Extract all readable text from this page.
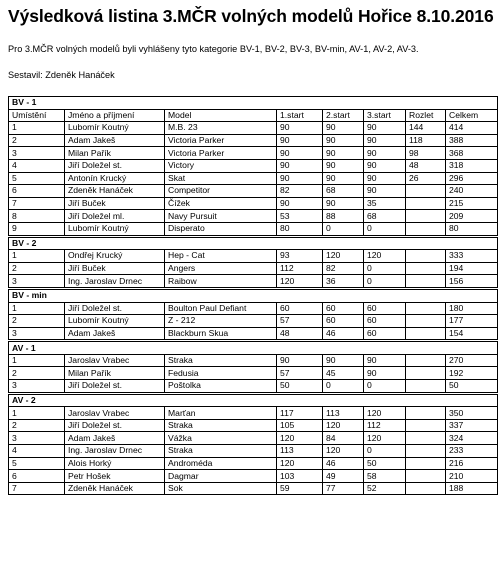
Výsledková listina 3.MČR volných modelů Hořice 8.10.2016
Pro 3.MČR volných modelů byli vyhlášeny tyto kategorie BV-1, BV-2, BV-3, BV-min, AV-1, AV-2, AV-3.
Sestavil: Zdeněk Hanáček
BV - 1							
Umístění	Jméno a příjmení	Model	1.start	2.start	3.start	Rozlet	Celkem
1	Lubomír Koutný	M.B. 23	90	90	90	144	414
2	Adam Jakeš	Victoria Parker	90	90	90	118	388
3	Milan Pařík	Victoria Parker	90	90	90	98	368
4	Jiří Doležel st.	Victory	90	90	90	48	318
5	Antonín Krucký	Skat	90	90	90	26	296
6	Zdeněk Hanáček	Competitor	82	68	90		240
7	Jiří Buček	Čížek	90	90	35		215
8	Jiří Doležel ml.	Navy Pursuit	53	88	68		209
9	Lubomír Koutný	Disperato	80	0	0		80

BV - 2							
1	Ondřej Krucký	Hep - Cat	93	120	120		333
2	Jiří Buček	Angers	112	82	0		194
3	Ing. Jaroslav Drnec	Raibow	120	36	0		156

BV - min							
1	Jiří Doležel st.	Boulton Paul Defiant	60	60	60		180
2	Lubomír Koutný	Z - 212	57	60	60		177
3	Adam Jakeš	Blackburn Skua	48	46	60		154

AV - 1							
1	Jaroslav Vrabec	Straka	90	90	90		270
2	Milan Pařík	Fedusia	57	45	90		192
3	Jiří Doležel st.	Poštolka	50	0	0		50

AV - 2							
1	Jaroslav Vrabec	Marťan	117	113	120		350
2	Jiří Doležel st.	Straka	105	120	112		337
3	Adam Jakeš	Vážka	120	84	120		324
4	Ing. Jaroslav Drnec	Straka	113	120	0		233
5	Alois Horký	Androméda	120	46	50		216
6	Petr Hošek	Dagmar	103	49	58		210
7	Zdeněk Hanáček	Sok	59	77	52		188
